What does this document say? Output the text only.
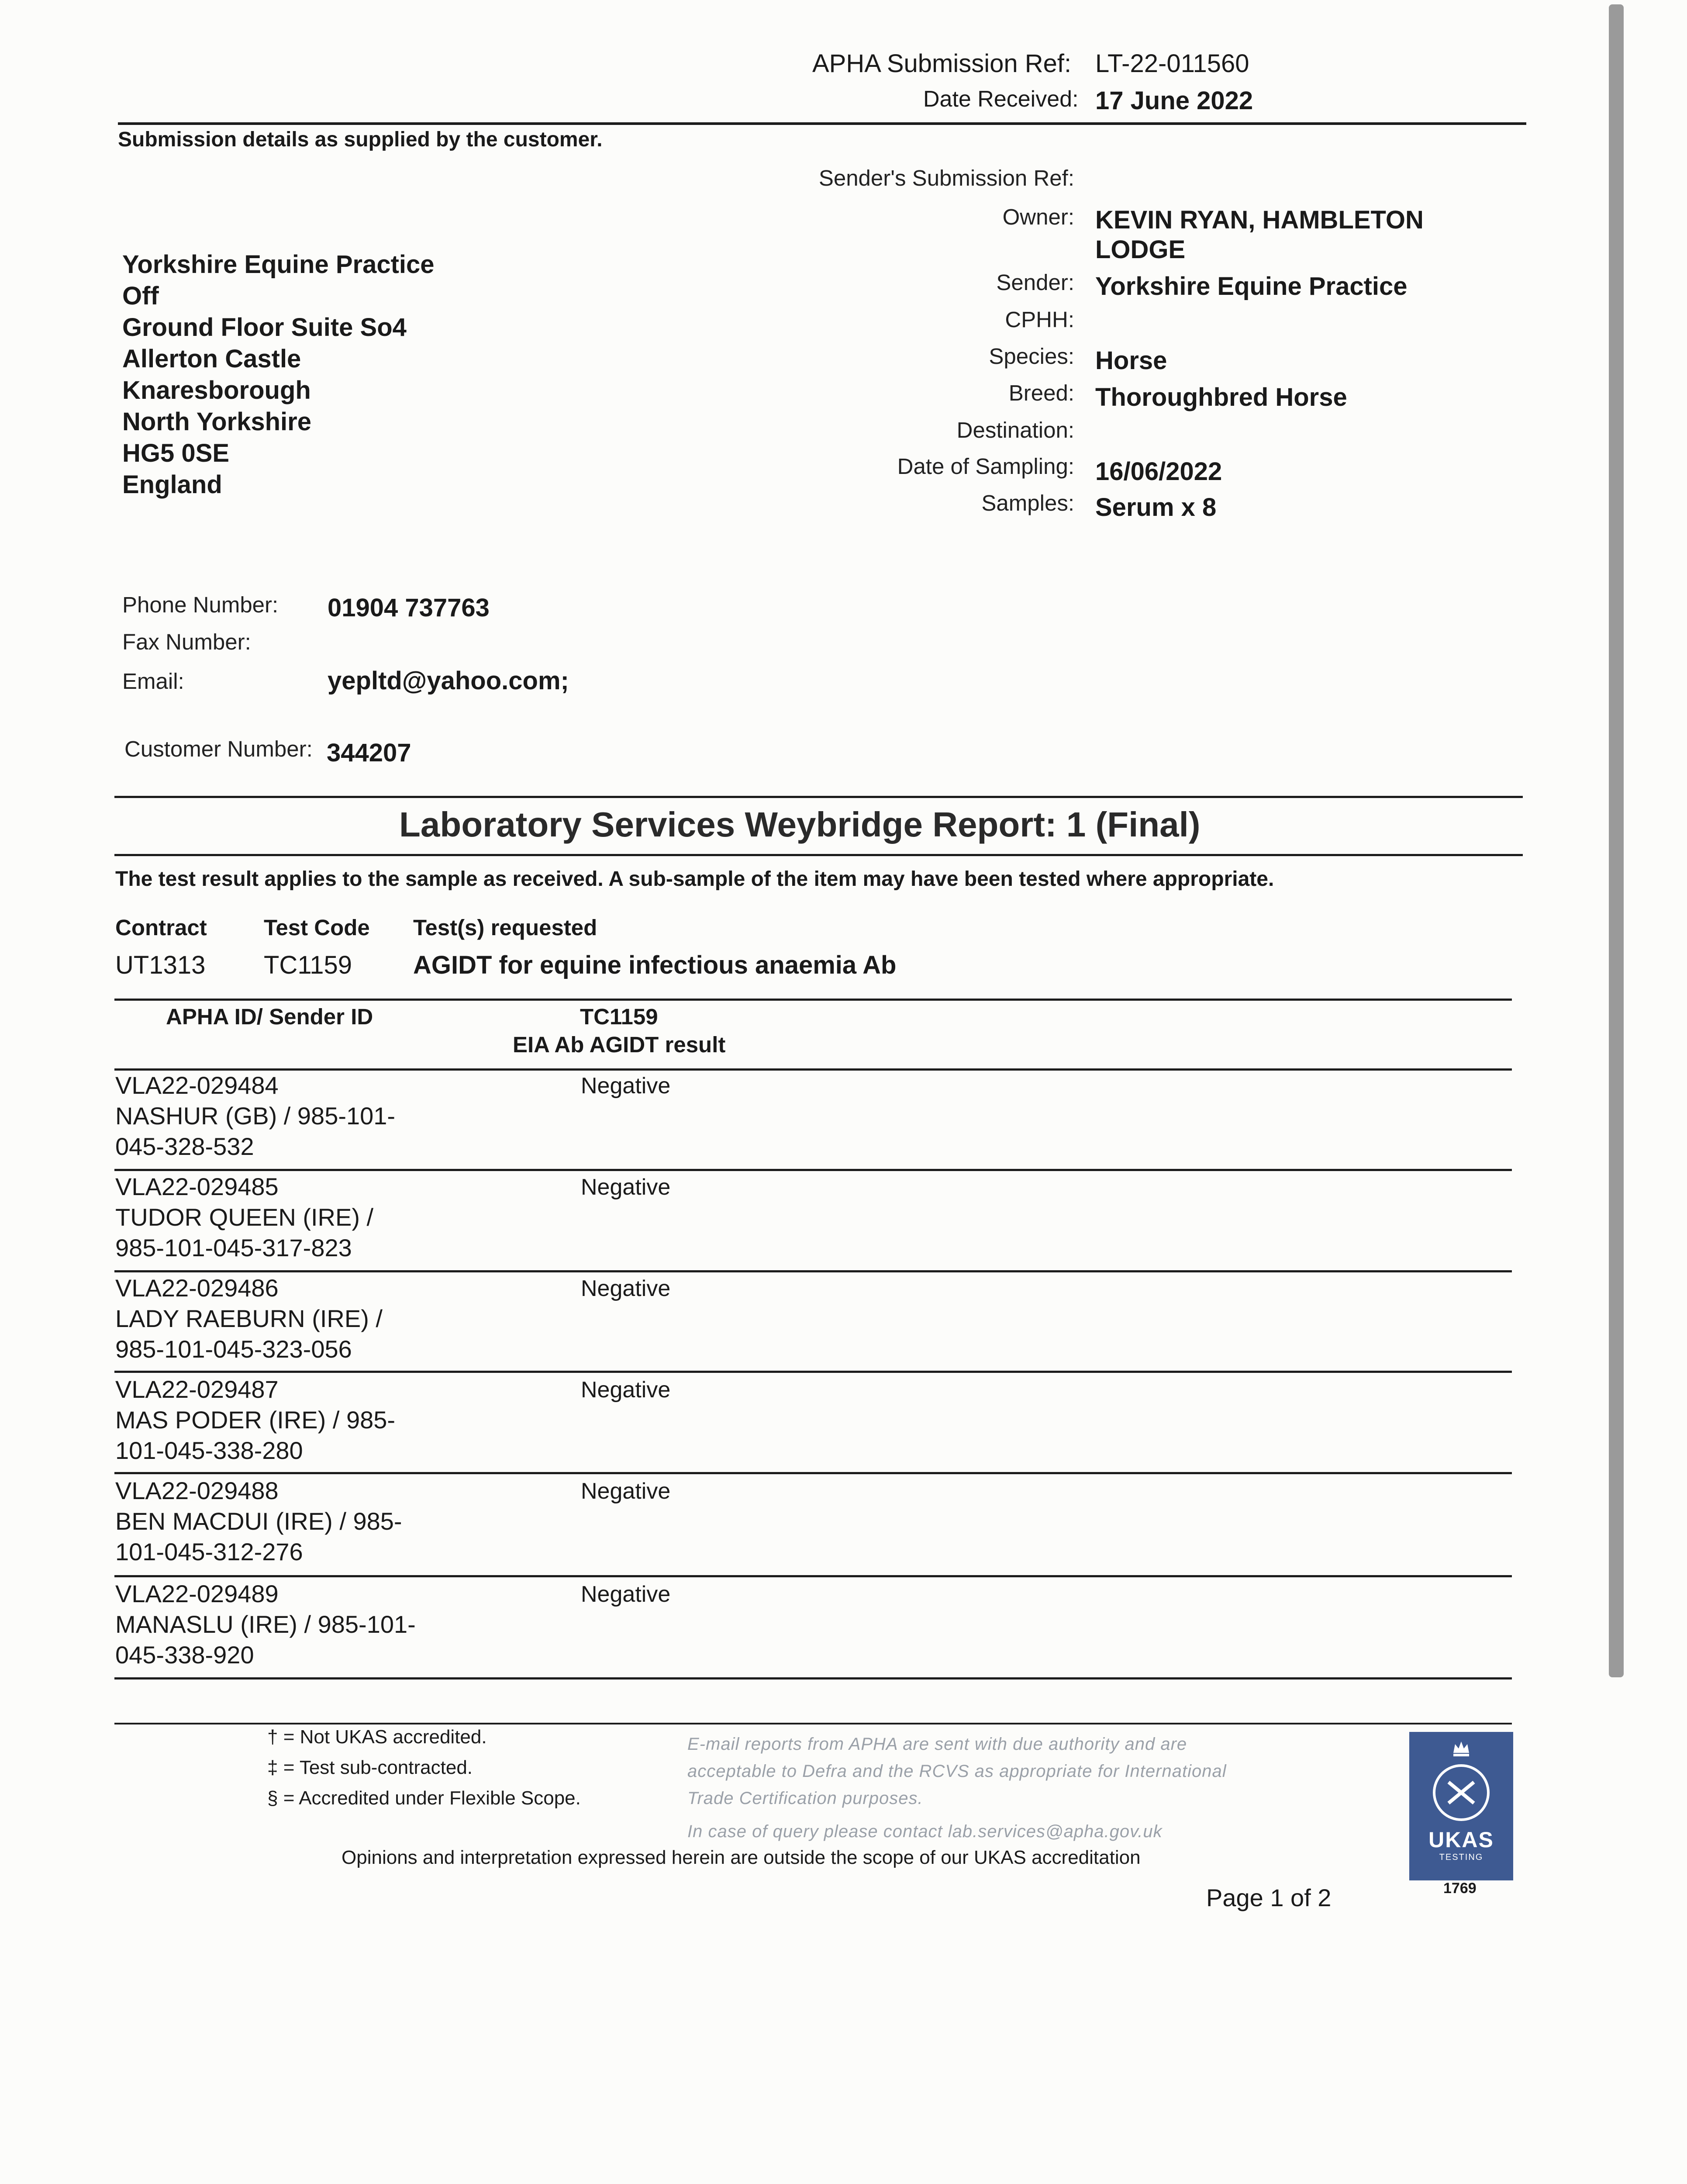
APHA Submission Ref: LT-22-011560
Date Received: 17 June 2022
Submission details as supplied by the customer.
Yorkshire Equine Practice
Off
Ground Floor Suite So4
Allerton Castle
Knaresborough
North Yorkshire
HG5 0SE
England
Sender's Submission Ref:
Owner: KEVIN RYAN, HAMBLETON
LODGE
Sender: Yorkshire Equine Practice
CPHH:
Species: Horse
Breed: Thoroughbred Horse
Destination:
Date of Sampling: 16/06/2022
Samples: Serum x 8
Phone Number: 01904 737763
Fax Number:
Email:	yepltd@yahoo.com;
Customer Number: 344207
Laboratory Services Weybridge Report: 1 (Final)
The test result applies to the sample as received. A sub-sample of the item may have been tested where appropriate.
Contract	Test Code Test(s) requested
UT1313 TC1159 AGIDT for equine infectious anaemia Ab
APHA ID/ Sender ID	TC1159
EIA Ab AGIDT result
VLA22-029484
NASHUR (GB) / 985-101-
045-328-532
Negative
VLA22-029485
TUDOR QUEEN (IRE) /
985-101-045-317-823
Negative
VLA22-029486
LADY RAEBURN (IRE) /
985-101-045-323-056
Negative
VLA22-029487
MAS PODER (IRE) / 985-
101-045-338-280
Negative
VLA22-029488
BEN MACDUI (IRE) / 985-
101-045-312-276
Negative
VLA22-029489
MANASLU (IRE) / 985-101-
045-338-920
Negative
† = Not UKAS accredited.
‡ = Test sub-contracted.
§ = Accredited under Flexible Scope.
E-mail reports from APHA are sent with due authority and are
acceptable to Defra and the RCVS as appropriate for International
Trade Certification purposes.
In case of query please contact lab.services@apha.gov.uk
Opinions and interpretation expressed herein are outside the scope of our UKAS accreditation
Page 1 of 2
UKAS
TESTING
1769
